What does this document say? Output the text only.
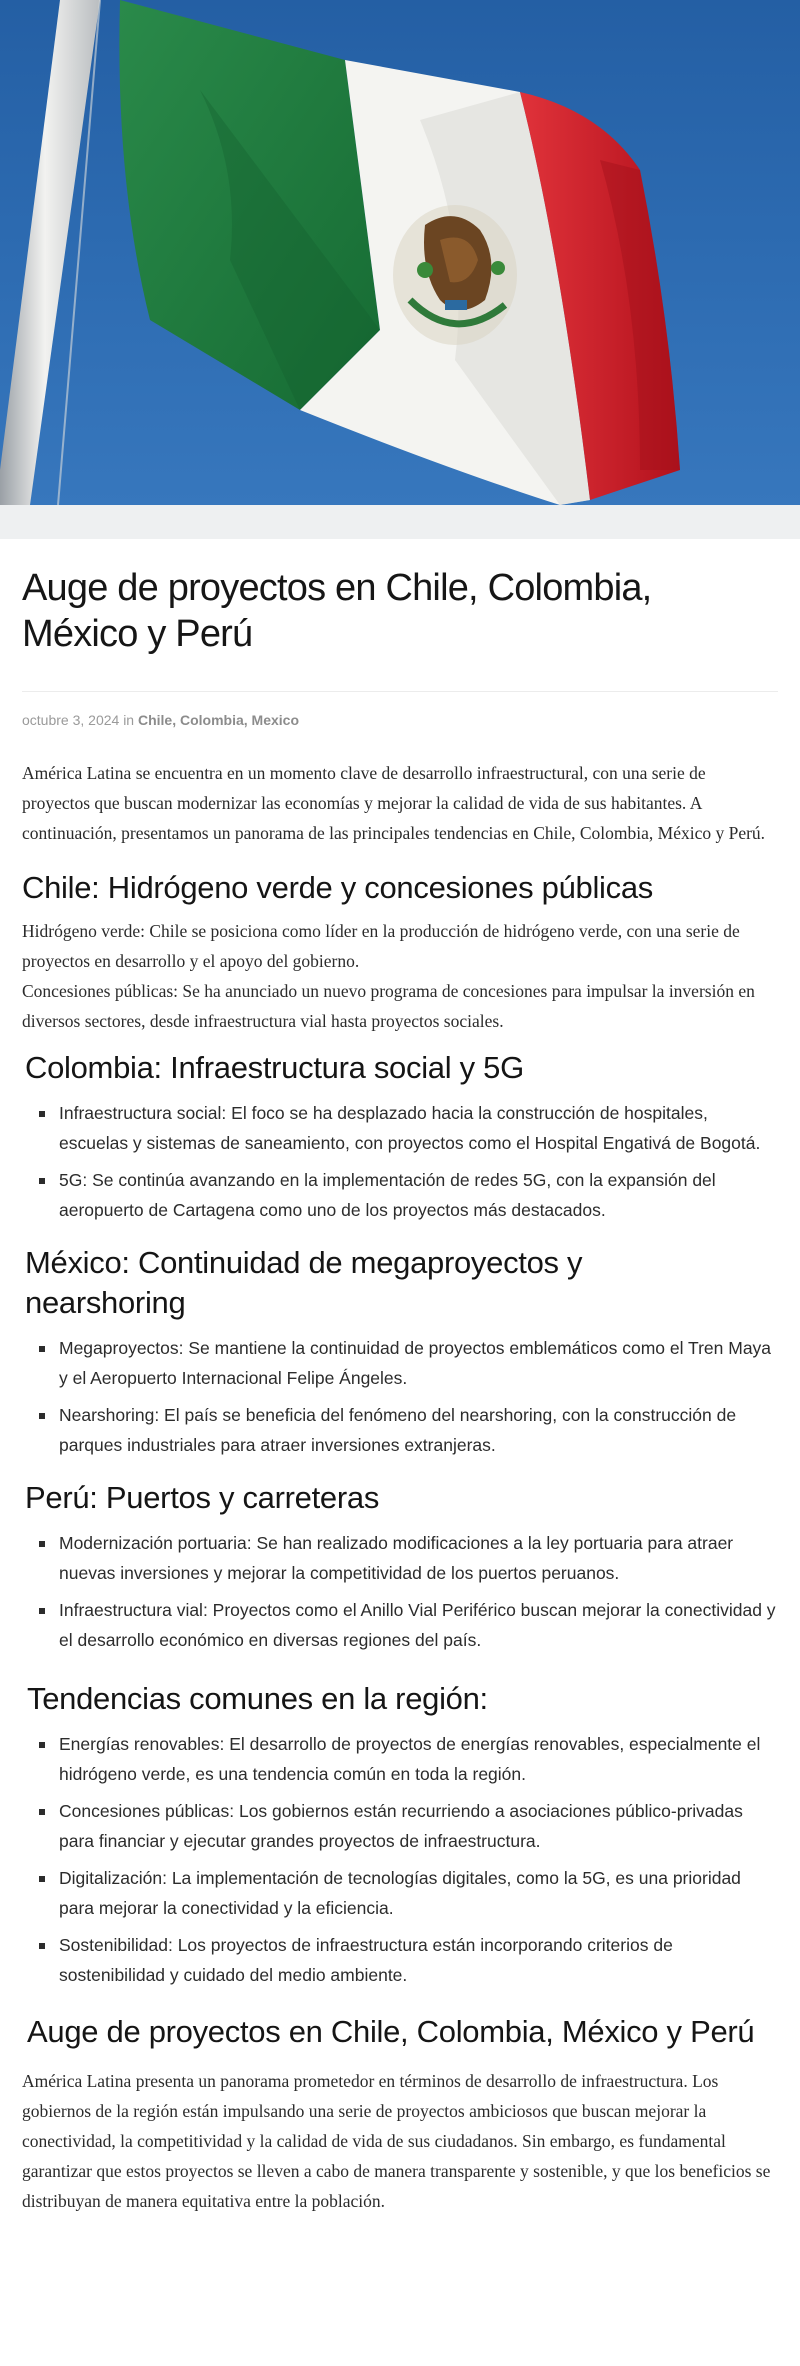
Auge de proyectos en Chile, Colombia, México y Perú
octubre 3, 2024 in Chile, Colombia, Mexico

América Latina se encuentra en un momento clave de desarrollo infraestructural, con una serie de proyectos que buscan modernizar las economías y mejorar la calidad de vida de sus habitantes. A continuación, presentamos un panorama de las principales tendencias en Chile, Colombia, México y Perú.

Chile: Hidrógeno verde y concesiones públicas

Hidrógeno verde: Chile se posiciona como líder en la producción de hidrógeno verde, con una serie de proyectos en desarrollo y el apoyo del gobierno.
Concesiones públicas: Se ha anunciado un nuevo programa de concesiones para impulsar la inversión en diversos sectores, desde infraestructura vial hasta proyectos sociales.

Colombia: Infraestructura social y 5G
Infraestructura social: El foco se ha desplazado hacia la construcción de hospitales, escuelas y sistemas de saneamiento, con proyectos como el Hospital Engativá de Bogotá.
5G: Se continúa avanzando en la implementación de redes 5G, con la expansión del aeropuerto de Cartagena como uno de los proyectos más destacados.
México: Continuidad de megaproyectos y nearshoring
Megaproyectos: Se mantiene la continuidad de proyectos emblemáticos como el Tren Maya y el Aeropuerto Internacional Felipe Ángeles.
Nearshoring: El país se beneficia del fenómeno del nearshoring, con la construcción de parques industriales para atraer inversiones extranjeras.
Perú: Puertos y carreteras
Modernización portuaria: Se han realizado modificaciones a la ley portuaria para atraer nuevas inversiones y mejorar la competitividad de los puertos peruanos.
Infraestructura vial: Proyectos como el Anillo Vial Periférico buscan mejorar la conectividad y el desarrollo económico en diversas regiones del país.
Tendencias comunes en la región:
Energías renovables: El desarrollo de proyectos de energías renovables, especialmente el hidrógeno verde, es una tendencia común en toda la región.
Concesiones públicas: Los gobiernos están recurriendo a asociaciones público-privadas para financiar y ejecutar grandes proyectos de infraestructura.
Digitalización: La implementación de tecnologías digitales, como la 5G, es una prioridad para mejorar la conectividad y la eficiencia.
Sostenibilidad: Los proyectos de infraestructura están incorporando criterios de sostenibilidad y cuidado del medio ambiente.
Auge de proyectos en Chile, Colombia, México y Perú

América Latina presenta un panorama prometedor en términos de desarrollo de infraestructura. Los gobiernos de la región están impulsando una serie de proyectos ambiciosos que buscan mejorar la conectividad, la competitividad y la calidad de vida de sus ciudadanos. Sin embargo, es fundamental garantizar que estos proyectos se lleven a cabo de manera transparente y sostenible, y que los beneficios se distribuyan de manera equitativa entre la población.
